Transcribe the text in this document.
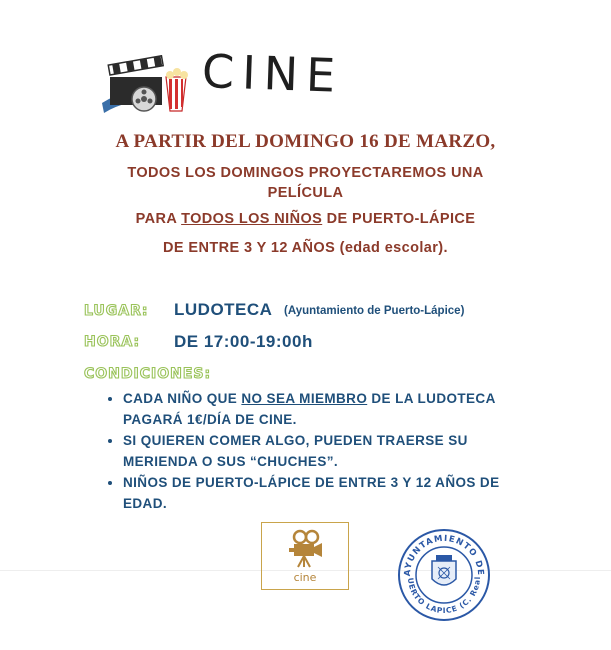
CINE
A PARTIR DEL DOMINGO 16 DE MARZO,
TODOS LOS DOMINGOS PROYECTAREMOS UNA
PELÍCULA
PARA TODOS LOS NIÑOS DE PUERTO-LÁPICE
DE ENTRE 3 Y 12 AÑOS (edad escolar).
LUGAR: LUDOTECA (Ayuntamiento de Puerto-Lápice)
HORA: DE 17:00-19:00h
CONDICIONES:
• CADA NIÑO QUE NO SEA MIEMBRO DE LA LUDOTECA PAGARÁ 1€/DÍA DE CINE.
• SI QUIEREN COMER ALGO, PUEDEN TRAERSE SU MERIENDA O SUS “CHUCHES”.
• NIÑOS DE PUERTO-LÁPICE DE ENTRE 3 Y 12 AÑOS DE EDAD.
cine	AYUNTAMIENTO DE
UERTO LAPICE (C. Real
